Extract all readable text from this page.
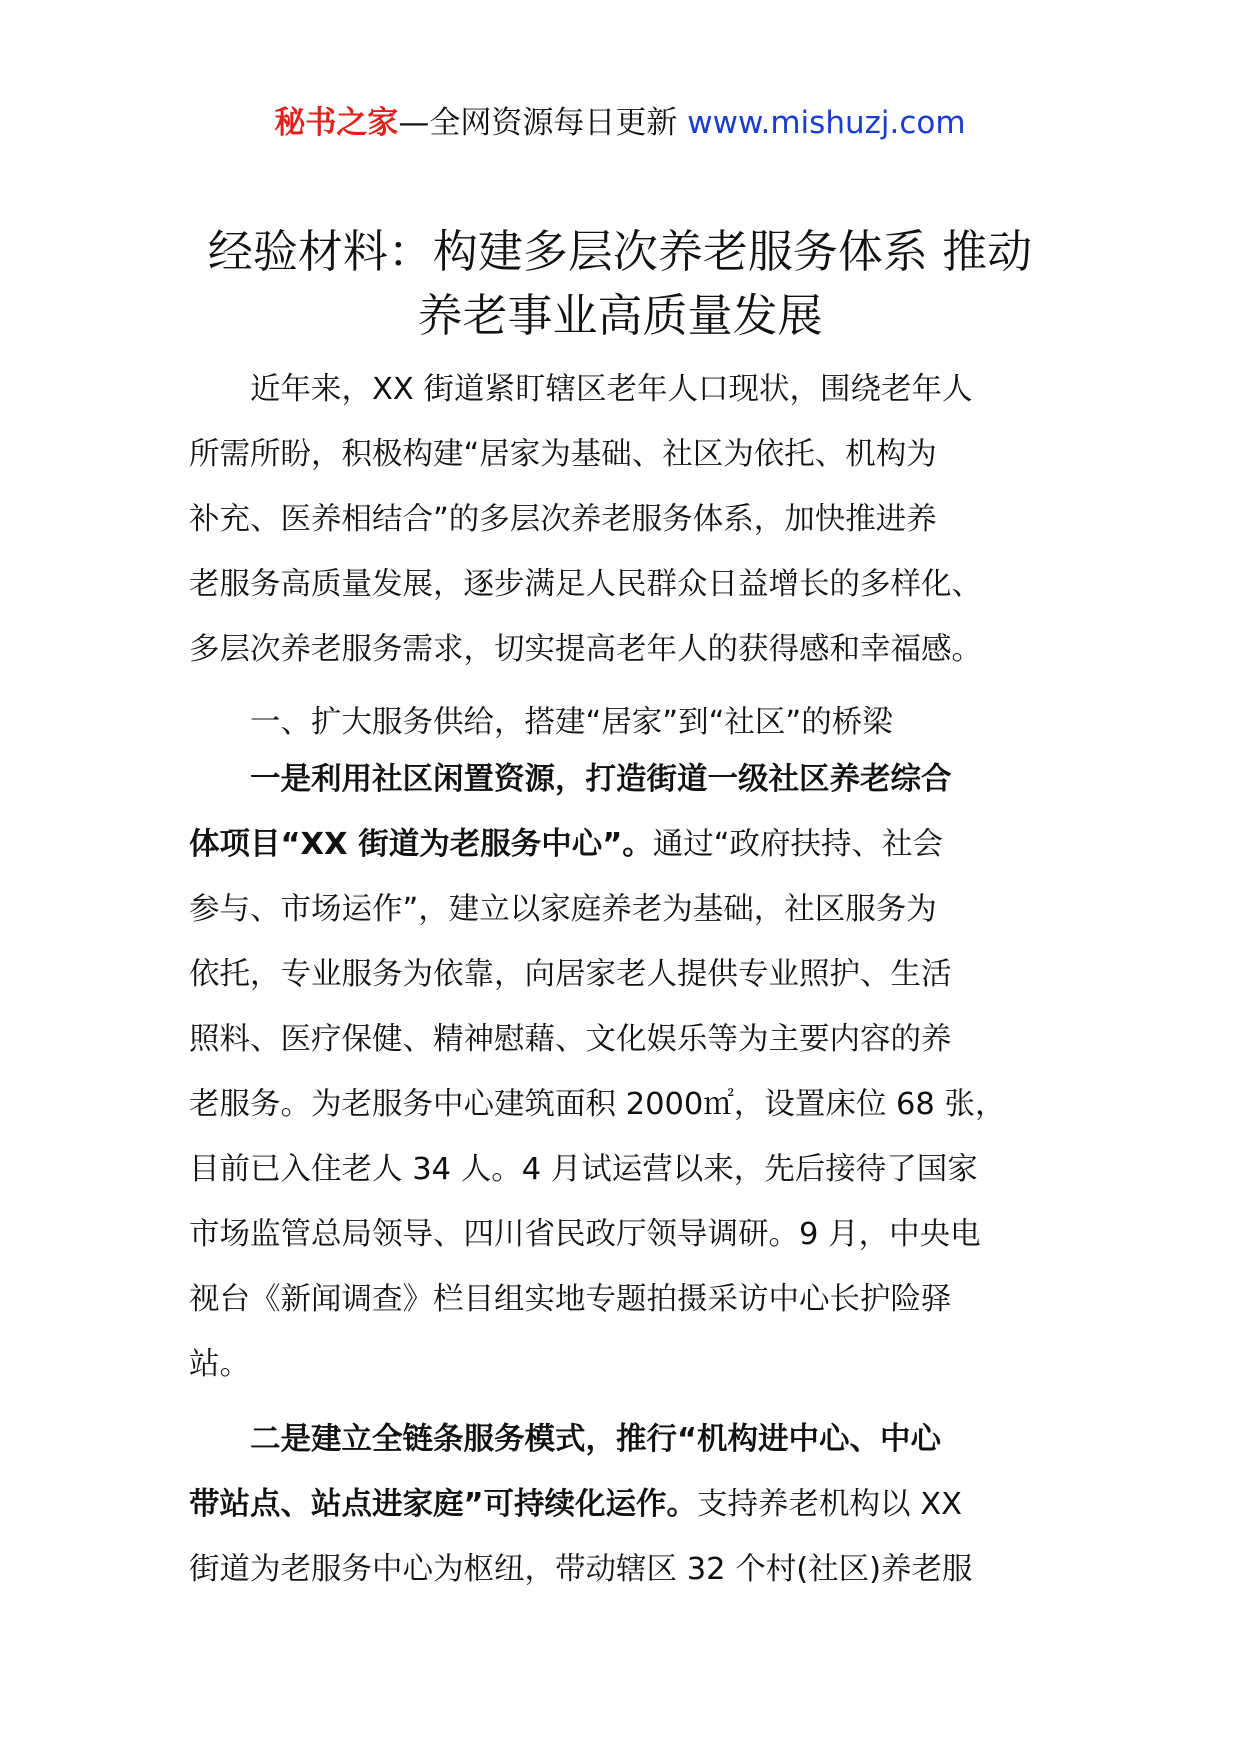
秘书之家—全网资源每日更新 www.mishuzj.com
经验材料：构建多层次养老服务体系 推动
养老事业高质量发展
近年来，XX 街道紧盯辖区老年人口现状，围绕老年人
所需所盼，积极构建“居家为基础、社区为依托、机构为
补充、医养相结合”的多层次养老服务体系，加快推进养
老服务高质量发展，逐步满足人民群众日益增长的多样化、
多层次养老服务需求，切实提高老年人的获得感和幸福感。
一、扩大服务供给，搭建“居家”到“社区”的桥梁
一是利用社区闲置资源，打造街道一级社区养老综合
体项目“XX 街道为老服务中心”。通过“政府扶持、社会
参与、市场运作”，建立以家庭养老为基础，社区服务为
依托，专业服务为依靠，向居家老人提供专业照护、生活
照料、医疗保健、精神慰藉、文化娱乐等为主要内容的养
老服务。为老服务中心建筑面积 2000㎡，设置床位 68 张，
目前已入住老人 34 人。4 月试运营以来，先后接待了国家
市场监管总局领导、四川省民政厅领导调研。9 月，中央电
视台《新闻调查》栏目组实地专题拍摄采访中心长护险驿
站。
二是建立全链条服务模式，推行“机构进中心、中心
带站点、站点进家庭”可持续化运作。支持养老机构以 XX
街道为老服务中心为枢纽，带动辖区 32 个村(社区)养老服
